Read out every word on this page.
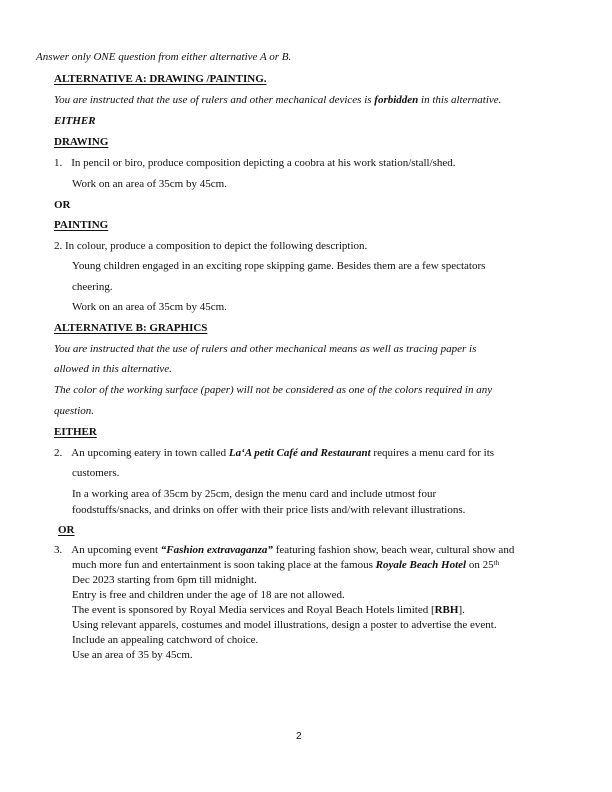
Answer only ONE question from either alternative A or B.
ALTERNATIVE A: DRAWING /PAINTING.
You are instructed that the use of rulers and other mechanical devices is forbidden in this alternative.
EITHER
DRAWING
1. In pencil or biro, produce composition depicting a coobra at his work station/stall/shed.
Work on an area of 35cm by 45cm.
OR
PAINTING
2. In colour, produce a composition to depict the following description.
Young children engaged in an exciting rope skipping game. Besides them are a few spectators
cheering.
Work on an area of 35cm by 45cm.
ALTERNATIVE B: GRAPHICS
You are instructed that the use of rulers and other mechanical means as well as tracing paper is
allowed in this alternative.
The color of the working surface (paper) will not be considered as one of the colors required in any
question.
EITHER
2. An upcoming eatery in town called La‘A petit Café and Restaurant requires a menu card for its
customers.
In a working area of 35cm by 25cm, design the menu card and include utmost four
foodstuffs/snacks, and drinks on offer with their price lists and/with relevant illustrations.
OR
3. An upcoming event “Fashion extravaganza” featuring fashion show, beach wear, cultural show and
much more fun and entertainment is soon taking place at the famous Royale Beach Hotel on 25th
Dec 2023 starting from 6pm till midnight.
Entry is free and children under the age of 18 are not allowed.
The event is sponsored by Royal Media services and Royal Beach Hotels limited [RBH].
Using relevant apparels, costumes and model illustrations, design a poster to advertise the event.
Include an appealing catchword of choice.
Use an area of 35 by 45cm.
2
